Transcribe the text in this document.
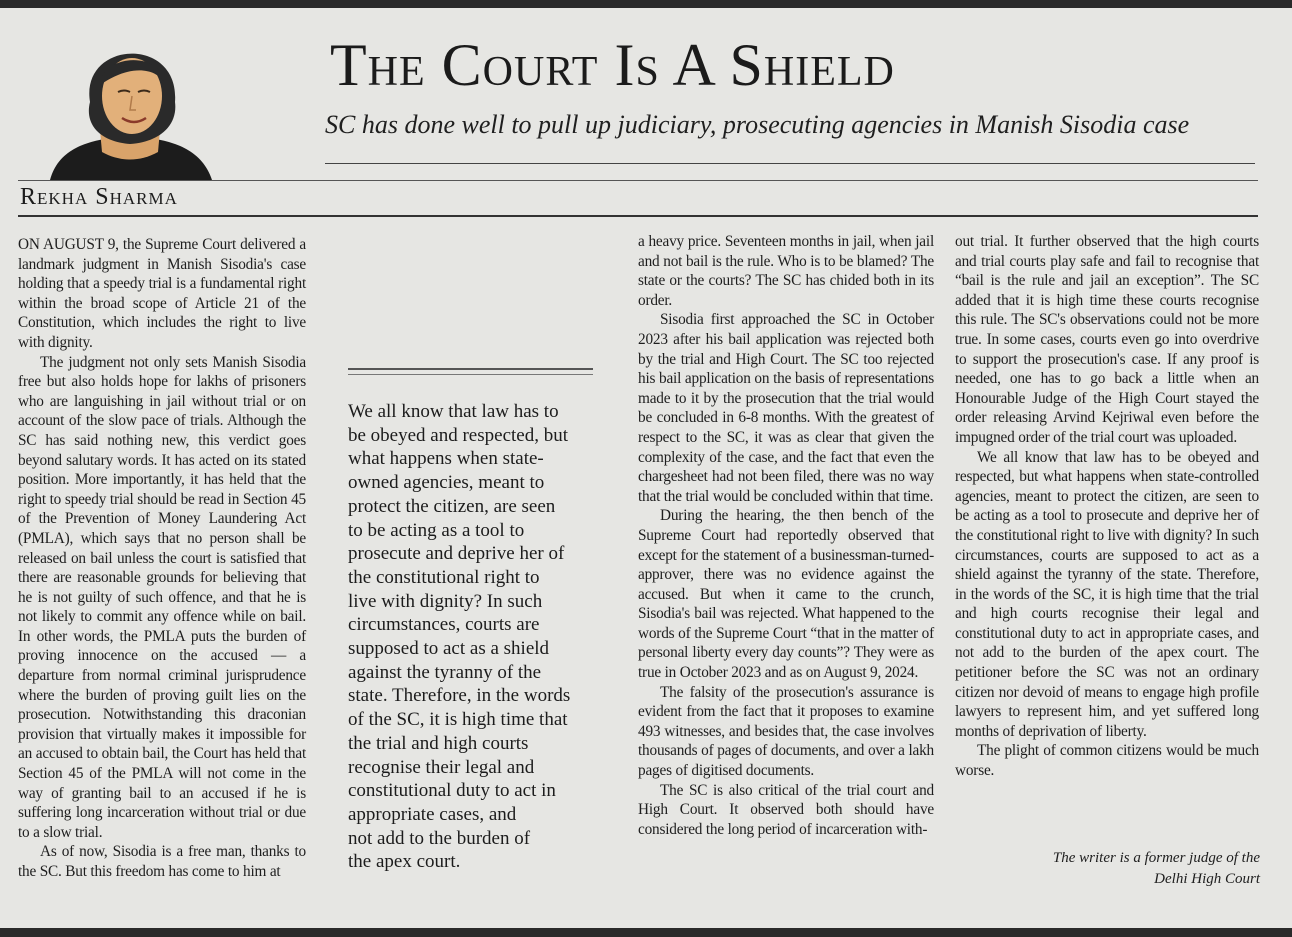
The Court Is A Shield
SC has done well to pull up judiciary, prosecuting agencies in Manish Sisodia case
Rekha Sharma

ON AUGUST 9, the Supreme Court delivered a landmark judgment in Manish Sisodia's case holding that a speedy trial is a fundamental right within the broad scope of Article 21 of the Constitution, which includes the right to live with dignity.

The judgment not only sets Manish Sisodia free but also holds hope for lakhs of prisoners who are languishing in jail without trial or on account of the slow pace of trials. Although the SC has said nothing new, this verdict goes beyond salutary words. It has acted on its stated position. More importantly, it has held that the right to speedy trial should be read in Section 45 of the Prevention of Money Laundering Act (PMLA), which says that no person shall be released on bail unless the court is satisfied that there are reasonable grounds for believing that he is not guilty of such offence, and that he is not likely to commit any offence while on bail. In other words, the PMLA puts the burden of proving innocence on the accused — a departure from normal criminal jurisprudence where the burden of proving guilt lies on the prosecution. Notwithstanding this draconian provision that virtually makes it impossible for an accused to obtain bail, the Court has held that Section 45 of the PMLA will not come in the way of granting bail to an accused if he is suffering long incarceration without trial or due to a slow trial.

As of now, Sisodia is a free man, thanks to the SC. But this freedom has come to him at

We all know that law has to
be obeyed and respected, but
what happens when state-
owned agencies, meant to
protect the citizen, are seen
to be acting as a tool to
prosecute and deprive her of
the constitutional right to
live with dignity? In such
circumstances, courts are
supposed to act as a shield
against the tyranny of the
state. Therefore, in the words
of the SC, it is high time that
the trial and high courts
recognise their legal and
constitutional duty to act in
appropriate cases, and
not add to the burden of
the apex court.

a heavy price. Seventeen months in jail, when jail and not bail is the rule. Who is to be blamed? The state or the courts? The SC has chided both in its order.

Sisodia first approached the SC in October 2023 after his bail application was rejected both by the trial and High Court. The SC too rejected his bail application on the basis of representations made to it by the prosecution that the trial would be concluded in 6-8 months. With the greatest of respect to the SC, it was as clear that given the complexity of the case, and the fact that even the chargesheet had not been filed, there was no way that the trial would be concluded within that time.

During the hearing, the then bench of the Supreme Court had reportedly observed that except for the statement of a businessman-turned-approver, there was no evidence against the accused. But when it came to the crunch, Sisodia's bail was rejected. What happened to the words of the Supreme Court “that in the matter of personal liberty every day counts”? They were as true in October 2023 and as on August 9, 2024.

The falsity of the prosecution's assurance is evident from the fact that it proposes to examine 493 witnesses, and besides that, the case involves thousands of pages of documents, and over a lakh pages of digitised documents.

The SC is also critical of the trial court and High Court. It observed both should have considered the long period of incarceration with-

out trial. It further observed that the high courts and trial courts play safe and fail to recognise that “bail is the rule and jail an exception”. The SC added that it is high time these courts recognise this rule. The SC's observations could not be more true. In some cases, courts even go into overdrive to support the prosecution's case. If any proof is needed, one has to go back a little when an Honourable Judge of the High Court stayed the order releasing Arvind Kejriwal even before the impugned order of the trial court was uploaded.

We all know that law has to be obeyed and respected, but what happens when state-controlled agencies, meant to protect the citizen, are seen to be acting as a tool to prosecute and deprive her of the constitutional right to live with dignity? In such circumstances, courts are supposed to act as a shield against the tyranny of the state. Therefore, in the words of the SC, it is high time that the trial and high courts recognise their legal and constitutional duty to act in appropriate cases, and not add to the burden of the apex court. The petitioner before the SC was not an ordinary citizen nor devoid of means to engage high profile lawyers to represent him, and yet suffered long months of deprivation of liberty.

The plight of common citizens would be much worse.

The writer is a former judge of the
Delhi High Court
